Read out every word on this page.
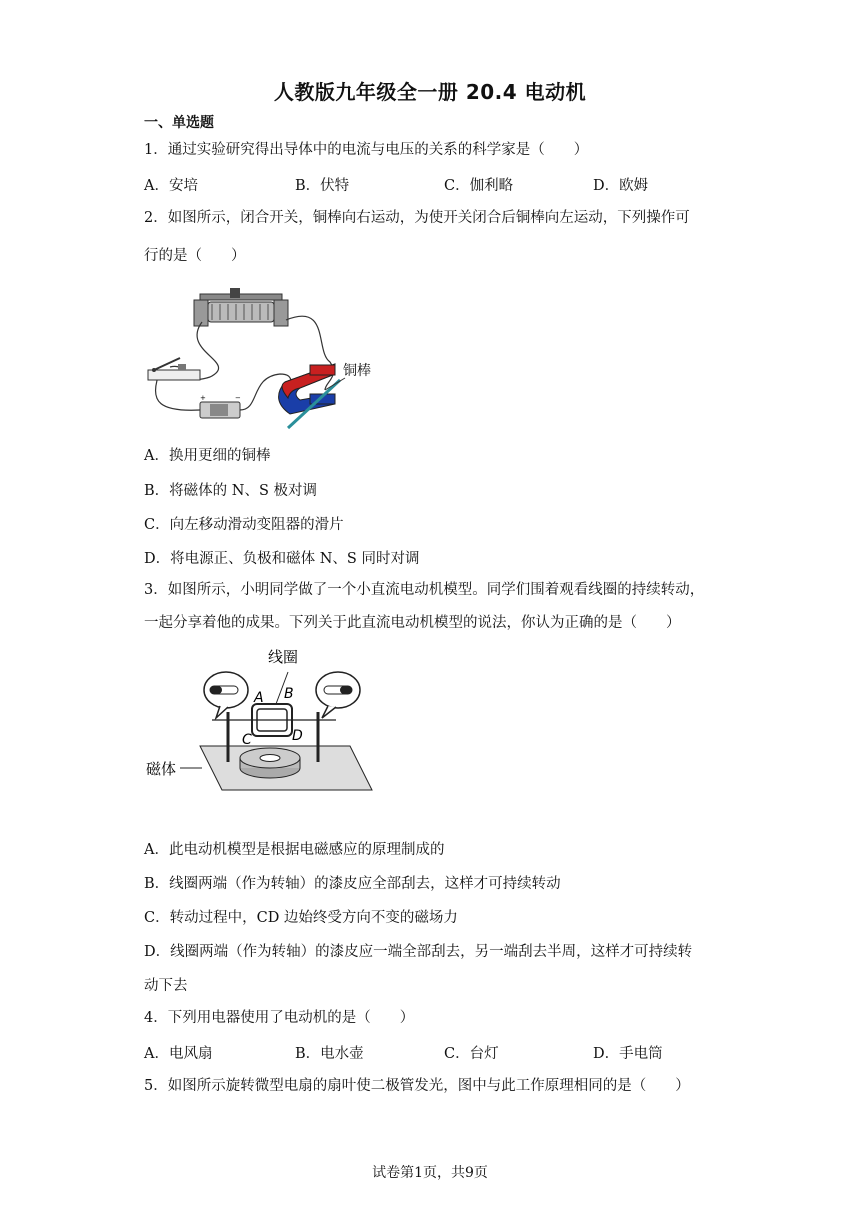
人教版九年级全一册 20.4 电动机
一、单选题
1．通过实验研究得出导体中的电流与电压的关系的科学家是（　　）
A．安培	B．伏特	C．伽利略	D．欧姆
2．如图所示，闭合开关，铜棒向右运动，为使开关闭合后铜棒向左运动，下列操作可
行的是（　　）
+	−
铜棒
A．换用更细的铜棒
B．将磁体的 N、S 极对调
C．向左移动滑动变阻器的滑片
D．将电源正、负极和磁体 N、S 同时对调
3．如图所示，小明同学做了一个小直流电动机模型。同学们围着观看线圈的持续转动，
一起分享着他的成果。下列关于此直流电动机模型的说法，你认为正确的是（　　）
线圈
A B
C	D
磁体
A．此电动机模型是根据电磁感应的原理制成的
B．线圈两端（作为转轴）的漆皮应全部刮去，这样才可持续转动
C．转动过程中，CD 边始终受方向不变的磁场力
D．线圈两端（作为转轴）的漆皮应一端全部刮去，另一端刮去半周，这样才可持续转
动下去
4．下列用电器使用了电动机的是（　　）
A．电风扇	B．电水壶	C．台灯	D．手电筒
5．如图所示旋转微型电扇的扇叶使二极管发光，图中与此工作原理相同的是（　　）
试卷第1页，共9页
